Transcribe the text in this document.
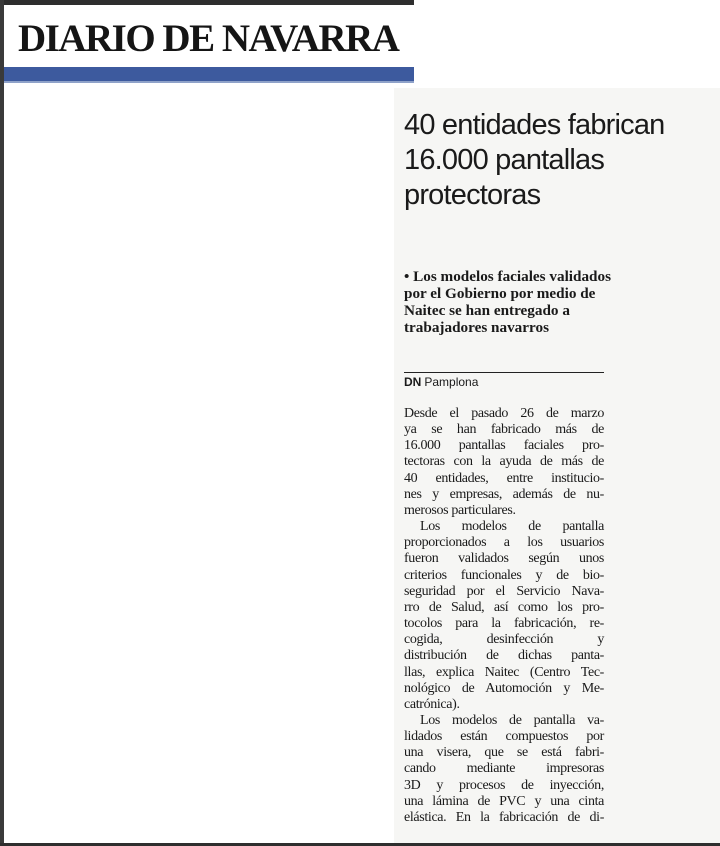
DIARIO DE NAVARRA
40 entidades fabrican 16.000 pantallas protectoras

• Los modelos faciales validados por el Gobierno por medio de Naitec se han entregado a trabajadores navarros

DN Pamplona
Desde el pasado 26 de marzo
ya se han fabricado más de
16.000 pantallas faciales pro-
tectoras con la ayuda de más de
40 entidades, entre institucio-
nes y empresas, además de nu-
merosos particulares.
Los modelos de pantalla
proporcionados a los usuarios
fueron validados según unos
criterios funcionales y de bio-
seguridad por el Servicio Nava-
rro de Salud, así como los pro-
tocolos para la fabricación, re-
cogida, desinfección y
distribución de dichas panta-
llas, explica Naitec (Centro Tec-
nológico de Automoción y Me-
catrónica).
Los modelos de pantalla va-
lidados están compuestos por
una visera, que se está fabri-
cando mediante impresoras
3D y procesos de inyección,
una lámina de PVC y una cinta
elástica. En la fabricación de di-
